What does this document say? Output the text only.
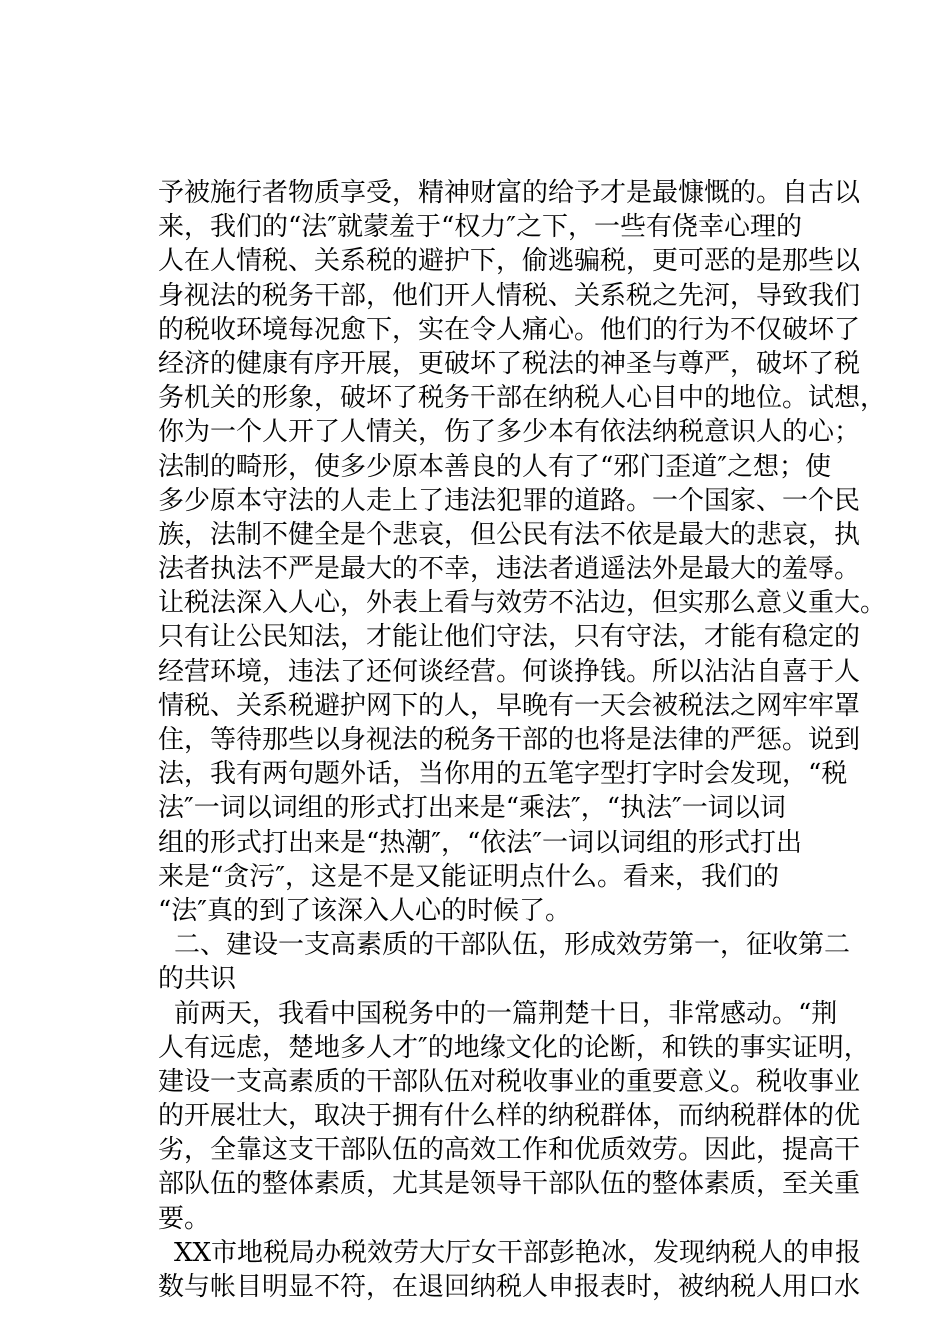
予被施行者物质享受，精神财富的给予才是最慷慨的。自古以
来，我们的“法″就蒙羞于“权力″之下，一些有侥幸心理的
人在人情税、关系税的避护下，偷逃骗税，更可恶的是那些以
身视法的税务干部，他们开人情税、关系税之先河，导致我们
的税收环境每况愈下，实在令人痛心。他们的行为不仅破坏了
经济的健康有序开展，更破坏了税法的神圣与尊严，破坏了税
务机关的形象，破坏了税务干部在纳税人心目中的地位。试想，
你为一个人开了人情关，伤了多少本有依法纳税意识人的心；
法制的畸形，使多少原本善良的人有了“邪门歪道″之想；使
多少原本守法的人走上了违法犯罪的道路。一个国家、一个民
族，法制不健全是个悲哀，但公民有法不依是最大的悲哀，执
法者执法不严是最大的不幸，违法者逍遥法外是最大的羞辱。
让税法深入人心，外表上看与效劳不沾边，但实那么意义重大。
只有让公民知法，才能让他们守法，只有守法，才能有稳定的
经营环境，违法了还何谈经营。何谈挣钱。所以沾沾自喜于人
情税、关系税避护网下的人，早晚有一天会被税法之网牢牢罩
住，等待那些以身视法的税务干部的也将是法律的严惩。说到
法，我有两句题外话，当你用的五笔字型打字时会发现，“税
法″一词以词组的形式打出来是“乘法″，“执法″一词以词
组的形式打出来是“热潮″，“依法″一词以词组的形式打出
来是“贪污″，这是不是又能证明点什么。看来，我们的
“法″真的到了该深入人心的时候了。
二、建设一支高素质的干部队伍，形成效劳第一，征收第二
的共识
前两天，我看中国税务中的一篇荆楚十日，非常感动。“荆
人有远虑，楚地多人才″的地缘文化的论断，和铁的事实证明，
建设一支高素质的干部队伍对税收事业的重要意义。税收事业
的开展壮大，取决于拥有什么样的纳税群体，而纳税群体的优
劣，全靠这支干部队伍的高效工作和优质效劳。因此，提高干
部队伍的整体素质，尤其是领导干部队伍的整体素质，至关重
要。
XX市地税局办税效劳大厅女干部彭艳冰，发现纳税人的申报
数与帐目明显不符，在退回纳税人申报表时，被纳税人用口水
